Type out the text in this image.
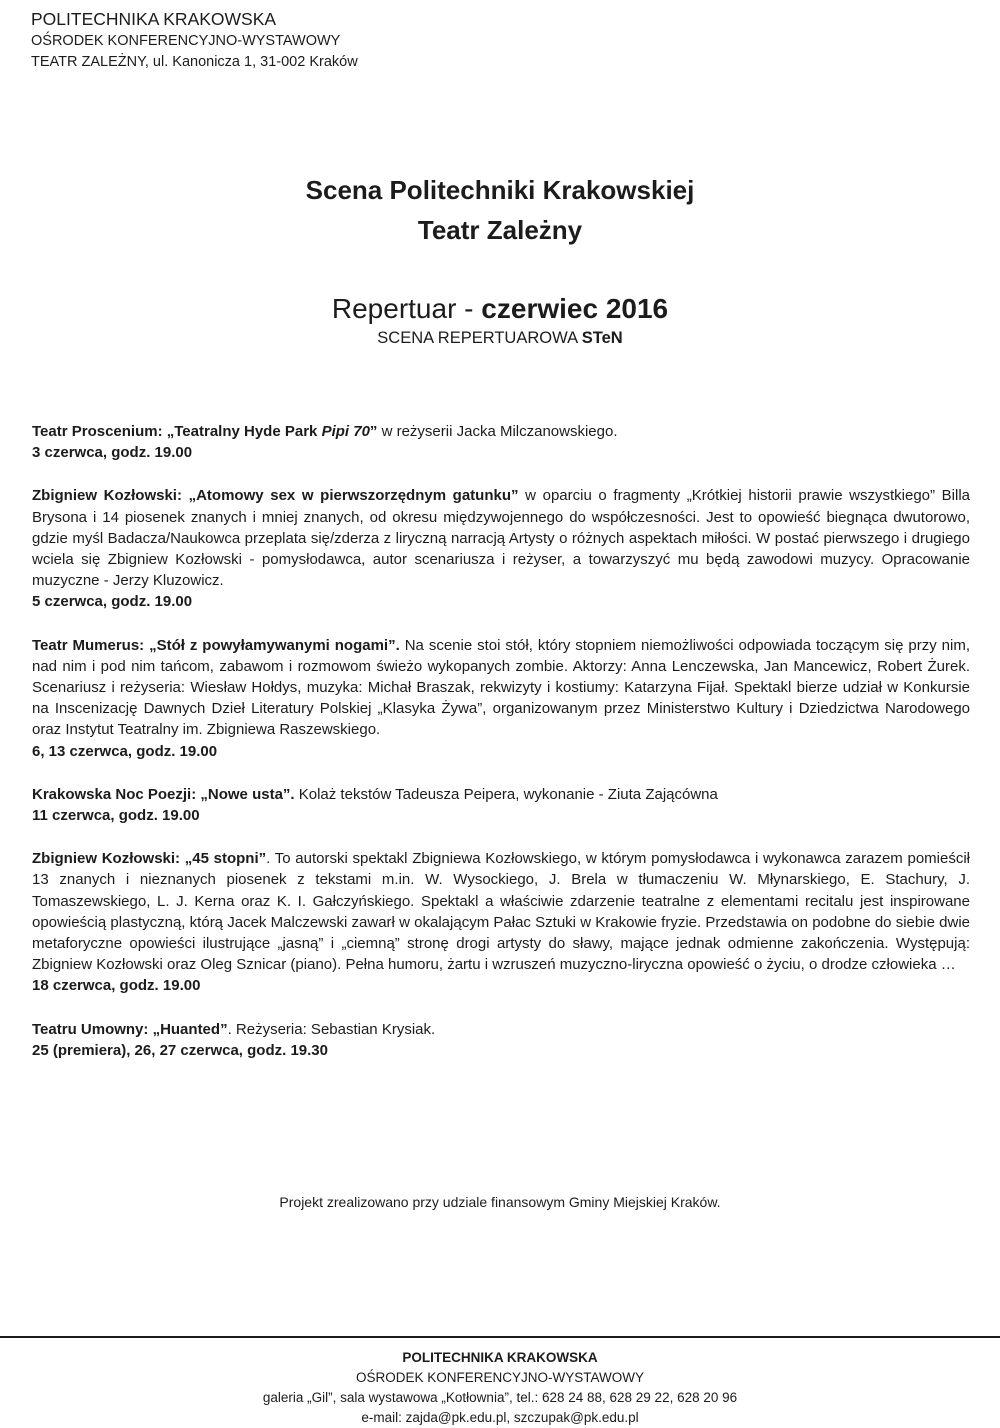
POLITECHNIKA KRAKOWSKA
OŚRODEK KONFERENCYJNO-WYSTAWOWY
TEATR ZALEŻNY, ul. Kanonicza 1, 31-002 Kraków
Scena Politechniki Krakowskiej
Teatr Zależny
Repertuar - czerwiec 2016
SCENA REPERTUAROWA STeN

Teatr Proscenium: „Teatralny Hyde Park Pipi 70” w reżyserii Jacka Milczanowskiego.
3 czerwca, godz. 19.00

Zbigniew Kozłowski: „Atomowy sex w pierwszorzędnym gatunku” w oparciu o fragmenty „Krótkiej historii prawie wszystkiego” Billa Brysona i 14 piosenek znanych i mniej znanych, od okresu międzywojennego do współczesności. Jest to opowieść biegnąca dwutorowo, gdzie myśl Badacza/Naukowca przeplata się/zderza z liryczną narracją Artysty o różnych aspektach miłości. W postać pierwszego i drugiego wciela się Zbigniew Kozłowski - pomysłodawca, autor scenariusza i reżyser, a towarzyszyć mu będą zawodowi muzycy. Opracowanie muzyczne - Jerzy Kluzowicz.
5 czerwca, godz. 19.00

Teatr Mumerus: „Stół z powyłamywanymi nogami”. Na scenie stoi stół, który stopniem niemożliwości odpowiada toczącym się przy nim, nad nim i pod nim tańcom, zabawom i rozmowom świeżo wykopanych zombie. Aktorzy: Anna Lenczewska, Jan Mancewicz, Robert Żurek. Scenariusz i reżyseria: Wiesław Hołdys, muzyka: Michał Braszak, rekwizyty i kostiumy: Katarzyna Fijał. Spektakl bierze udział w Konkursie na Inscenizację Dawnych Dzieł Literatury Polskiej „Klasyka Żywa”, organizowanym przez Ministerstwo Kultury i Dziedzictwa Narodowego oraz Instytut Teatralny im. Zbigniewa Raszewskiego.
6, 13 czerwca, godz. 19.00

Krakowska Noc Poezji: „Nowe usta”. Kolaż tekstów Tadeusza Peipera, wykonanie - Ziuta Zającówna
11 czerwca, godz. 19.00

Zbigniew Kozłowski: „45 stopni”. To autorski spektakl Zbigniewa Kozłowskiego, w którym pomysłodawca i wykonawca zarazem pomieścił 13 znanych i nieznanych piosenek z tekstami m.in. W. Wysockiego, J. Brela w tłumaczeniu W. Młynarskiego, E. Stachury, J. Tomaszewskiego, L. J. Kerna oraz K. I. Gałczyńskiego. Spektakl a właściwie zdarzenie teatralne z elementami recitalu jest inspirowane opowieścią plastyczną, którą Jacek Malczewski zawarł w okalającym Pałac Sztuki w Krakowie fryzie. Przedstawia on podobne do siebie dwie metaforyczne opowieści ilustrujące „jasną” i „ciemną” stronę drogi artysty do sławy, mające jednak odmienne zakończenia. Występują: Zbigniew Kozłowski oraz Oleg Sznicar (piano). Pełna humoru, żartu i wzruszeń muzyczno-liryczna opowieść o życiu, o drodze człowieka …
18 czerwca, godz. 19.00

Teatru Umowny: „Huanted”. Reżyseria: Sebastian Krysiak.
25 (premiera), 26, 27 czerwca, godz. 19.30

Projekt zrealizowano przy udziale finansowym Gminy Miejskiej Kraków.
POLITECHNIKA KRAKOWSKA
OŚRODEK KONFERENCYJNO-WYSTAWOWY
galeria „Gil”, sala wystawowa „Kotłownia”, tel.: 628 24 88, 628 29 22, 628 20 96
e-mail: zajda@pk.edu.pl, szczupak@pk.edu.pl
